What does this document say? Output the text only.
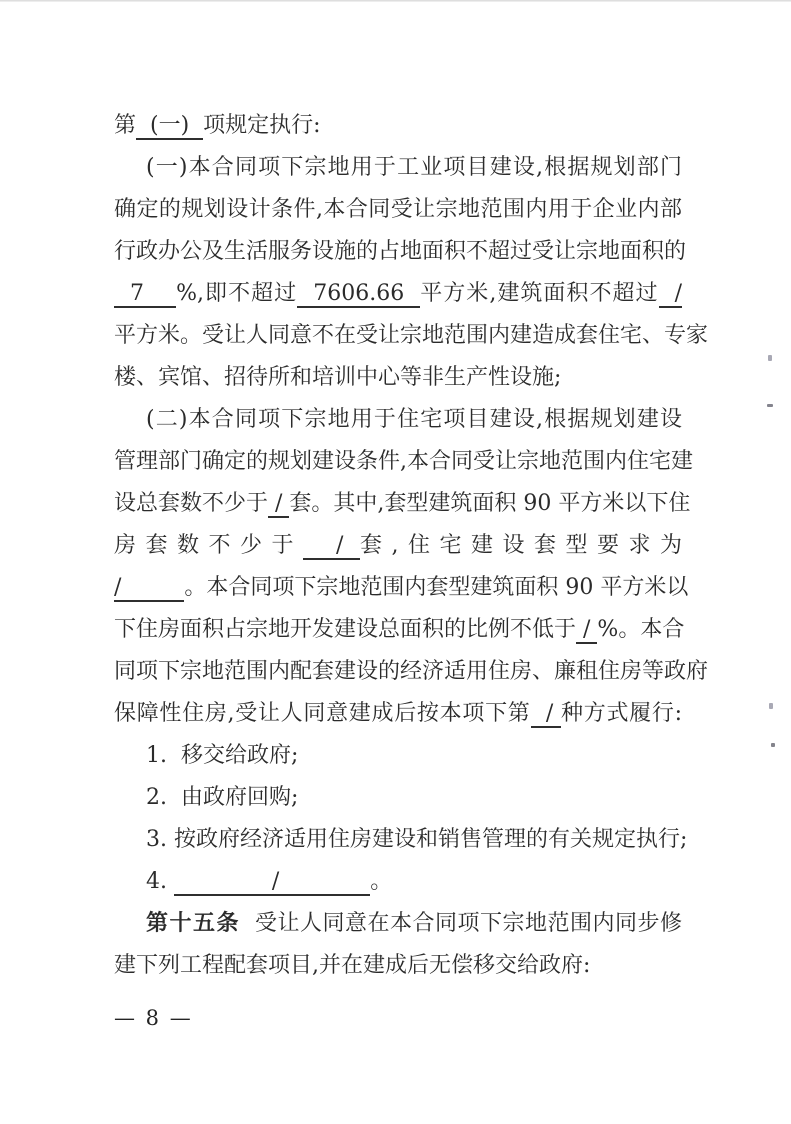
第  (一)  项规定执行:
(一)本合同项下宗地用于工业项目建设,根据规划部门
确定的规划设计条件,本合同受让宗地范围内用于企业内部
行政办公及生活服务设施的占地面积不超过受让宗地面积的
7    %,即不超过  7606.66  平方米,建筑面积不超过  /
平方米。受让人同意不在受让宗地范围内建造成套住宅、专家
楼、宾馆、招待所和培训中心等非生产性设施;
(二)本合同项下宗地用于住宅项目建设,根据规划建设
管理部门确定的规划建设条件,本合同受让宗地范围内住宅建
设总套数不少于 / 套。其中,套型建筑面积 90 平方米以下住
房套数不少于  / 套,住宅建设套型要求为
/         。本合同项下宗地范围内套型建筑面积 90 平方米以
下住房面积占宗地开发建设总面积的比例不低于 / %。本合
同项下宗地范围内配套建设的经济适用住房、廉租住房等政府
保障性住房,受让人同意建成后按本项下第  / 种方式履行:
1.  移交给政府;
2.  由政府回购;
3. 按政府经济适用住房建设和销售管理的有关规定执行;
4.               /             。
第十五条  受让人同意在本合同项下宗地范围内同步修
建下列工程配套项目,并在建成后无偿移交给政府:
— 8 —
